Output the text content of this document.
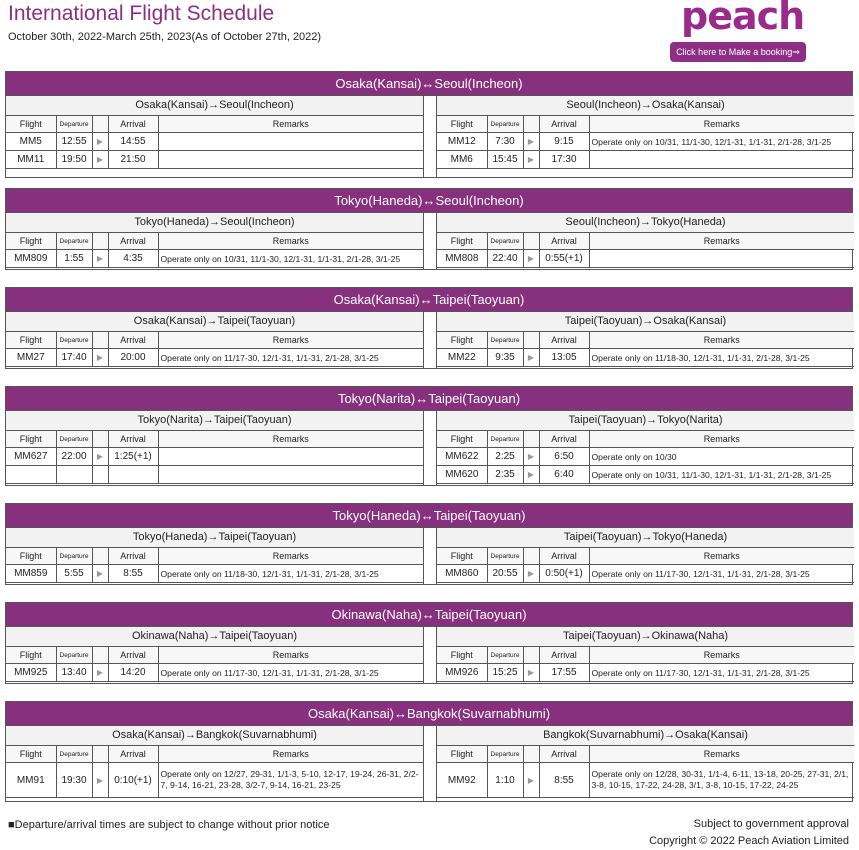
International Flight Schedule
October 30th, 2022-March 25th, 2023(As of October 27th, 2022)	peach
Click here to Make a booking⇒
Osaka(Kansai)↔Seoul(Incheon)
Osaka(Kansai)→Seoul(Incheon)
Flight	Departure		Arrival	Remarks
MM5	12:55	▶	14:55	
MM11	19:50	▶	21:50	
Seoul(Incheon)→Osaka(Kansai)
Flight	Departure		Arrival	Remarks
MM12	7:30	▶	9:15	Operate only on 10/31, 11/1-30, 12/1-31, 1/1-31, 2/1-28, 3/1-25
MM6	15:45	▶	17:30	
Tokyo(Haneda)↔Seoul(Incheon)
Tokyo(Haneda)→Seoul(Incheon)
Flight	Departure		Arrival	Remarks
MM809	1:55	▶	4:35	Operate only on 10/31, 11/1-30, 12/1-31, 1/1-31, 2/1-28, 3/1-25
Seoul(Incheon)→Tokyo(Haneda)
Flight	Departure		Arrival	Remarks
MM808	22:40	▶	0:55(+1)	
Osaka(Kansai)↔Taipei(Taoyuan)
Osaka(Kansai)→Taipei(Taoyuan)
Flight	Departure		Arrival	Remarks
MM27	17:40	▶	20:00	Operate only on 11/17-30, 12/1-31, 1/1-31, 2/1-28, 3/1-25
Taipei(Taoyuan)→Osaka(Kansai)
Flight	Departure		Arrival	Remarks
MM22	9:35	▶	13:05	Operate only on 11/18-30, 12/1-31, 1/1-31, 2/1-28, 3/1-25
Tokyo(Narita)↔Taipei(Taoyuan)
Tokyo(Narita)→Taipei(Taoyuan)
Flight	Departure		Arrival	Remarks
MM627	22:00	▶	1:25(+1)	

Taipei(Taoyuan)→Tokyo(Narita)
Flight	Departure		Arrival	Remarks
MM622	2:25	▶	6:50	Operate only on 10/30
MM620	2:35	▶	6:40	Operate only on 10/31, 11/1-30, 12/1-31, 1/1-31, 2/1-28, 3/1-25
Tokyo(Haneda)↔Taipei(Taoyuan)
Tokyo(Haneda)→Taipei(Taoyuan)
Flight	Departure		Arrival	Remarks
MM859	5:55	▶	8:55	Operate only on 11/18-30, 12/1-31, 1/1-31, 2/1-28, 3/1-25
Taipei(Taoyuan)→Tokyo(Haneda)
Flight	Departure		Arrival	Remarks
MM860	20:55	▶	0:50(+1)	Operate only on 11/17-30, 12/1-31, 1/1-31, 2/1-28, 3/1-25
Okinawa(Naha)↔Taipei(Taoyuan)
Okinawa(Naha)→Taipei(Taoyuan)
Flight	Departure		Arrival	Remarks
MM925	13:40	▶	14:20	Operate only on 11/17-30, 12/1-31, 1/1-31, 2/1-28, 3/1-25
Taipei(Taoyuan)→Okinawa(Naha)
Flight	Departure		Arrival	Remarks
MM926	15:25	▶	17:55	Operate only on 11/17-30, 12/1-31, 1/1-31, 2/1-28, 3/1-25
Osaka(Kansai)↔Bangkok(Suvarnabhumi)
Osaka(Kansai)→Bangkok(Suvarnabhumi)
Flight	Departure		Arrival	Remarks
MM91	19:30	▶	0:10(+1)	Operate only on 12/27, 29-31, 1/1-3, 5-10, 12-17, 19-24, 26-31, 2/2-7, 9-14, 16-21, 23-28, 3/2-7, 9-14, 16-21, 23-25
Bangkok(Suvarnabhumi)→Osaka(Kansai)
Flight	Departure		Arrival	Remarks
MM92	1:10	▶	8:55	Operate only on 12/28, 30-31, 1/1-4, 6-11, 13-18, 20-25, 27-31, 2/1, 3-8, 10-15, 17-22, 24-28, 3/1, 3-8, 10-15, 17-22, 24-25
■Departure/arrival times are subject to change without prior notice	Subject to government approval
Copyright © 2022 Peach Aviation Limited
